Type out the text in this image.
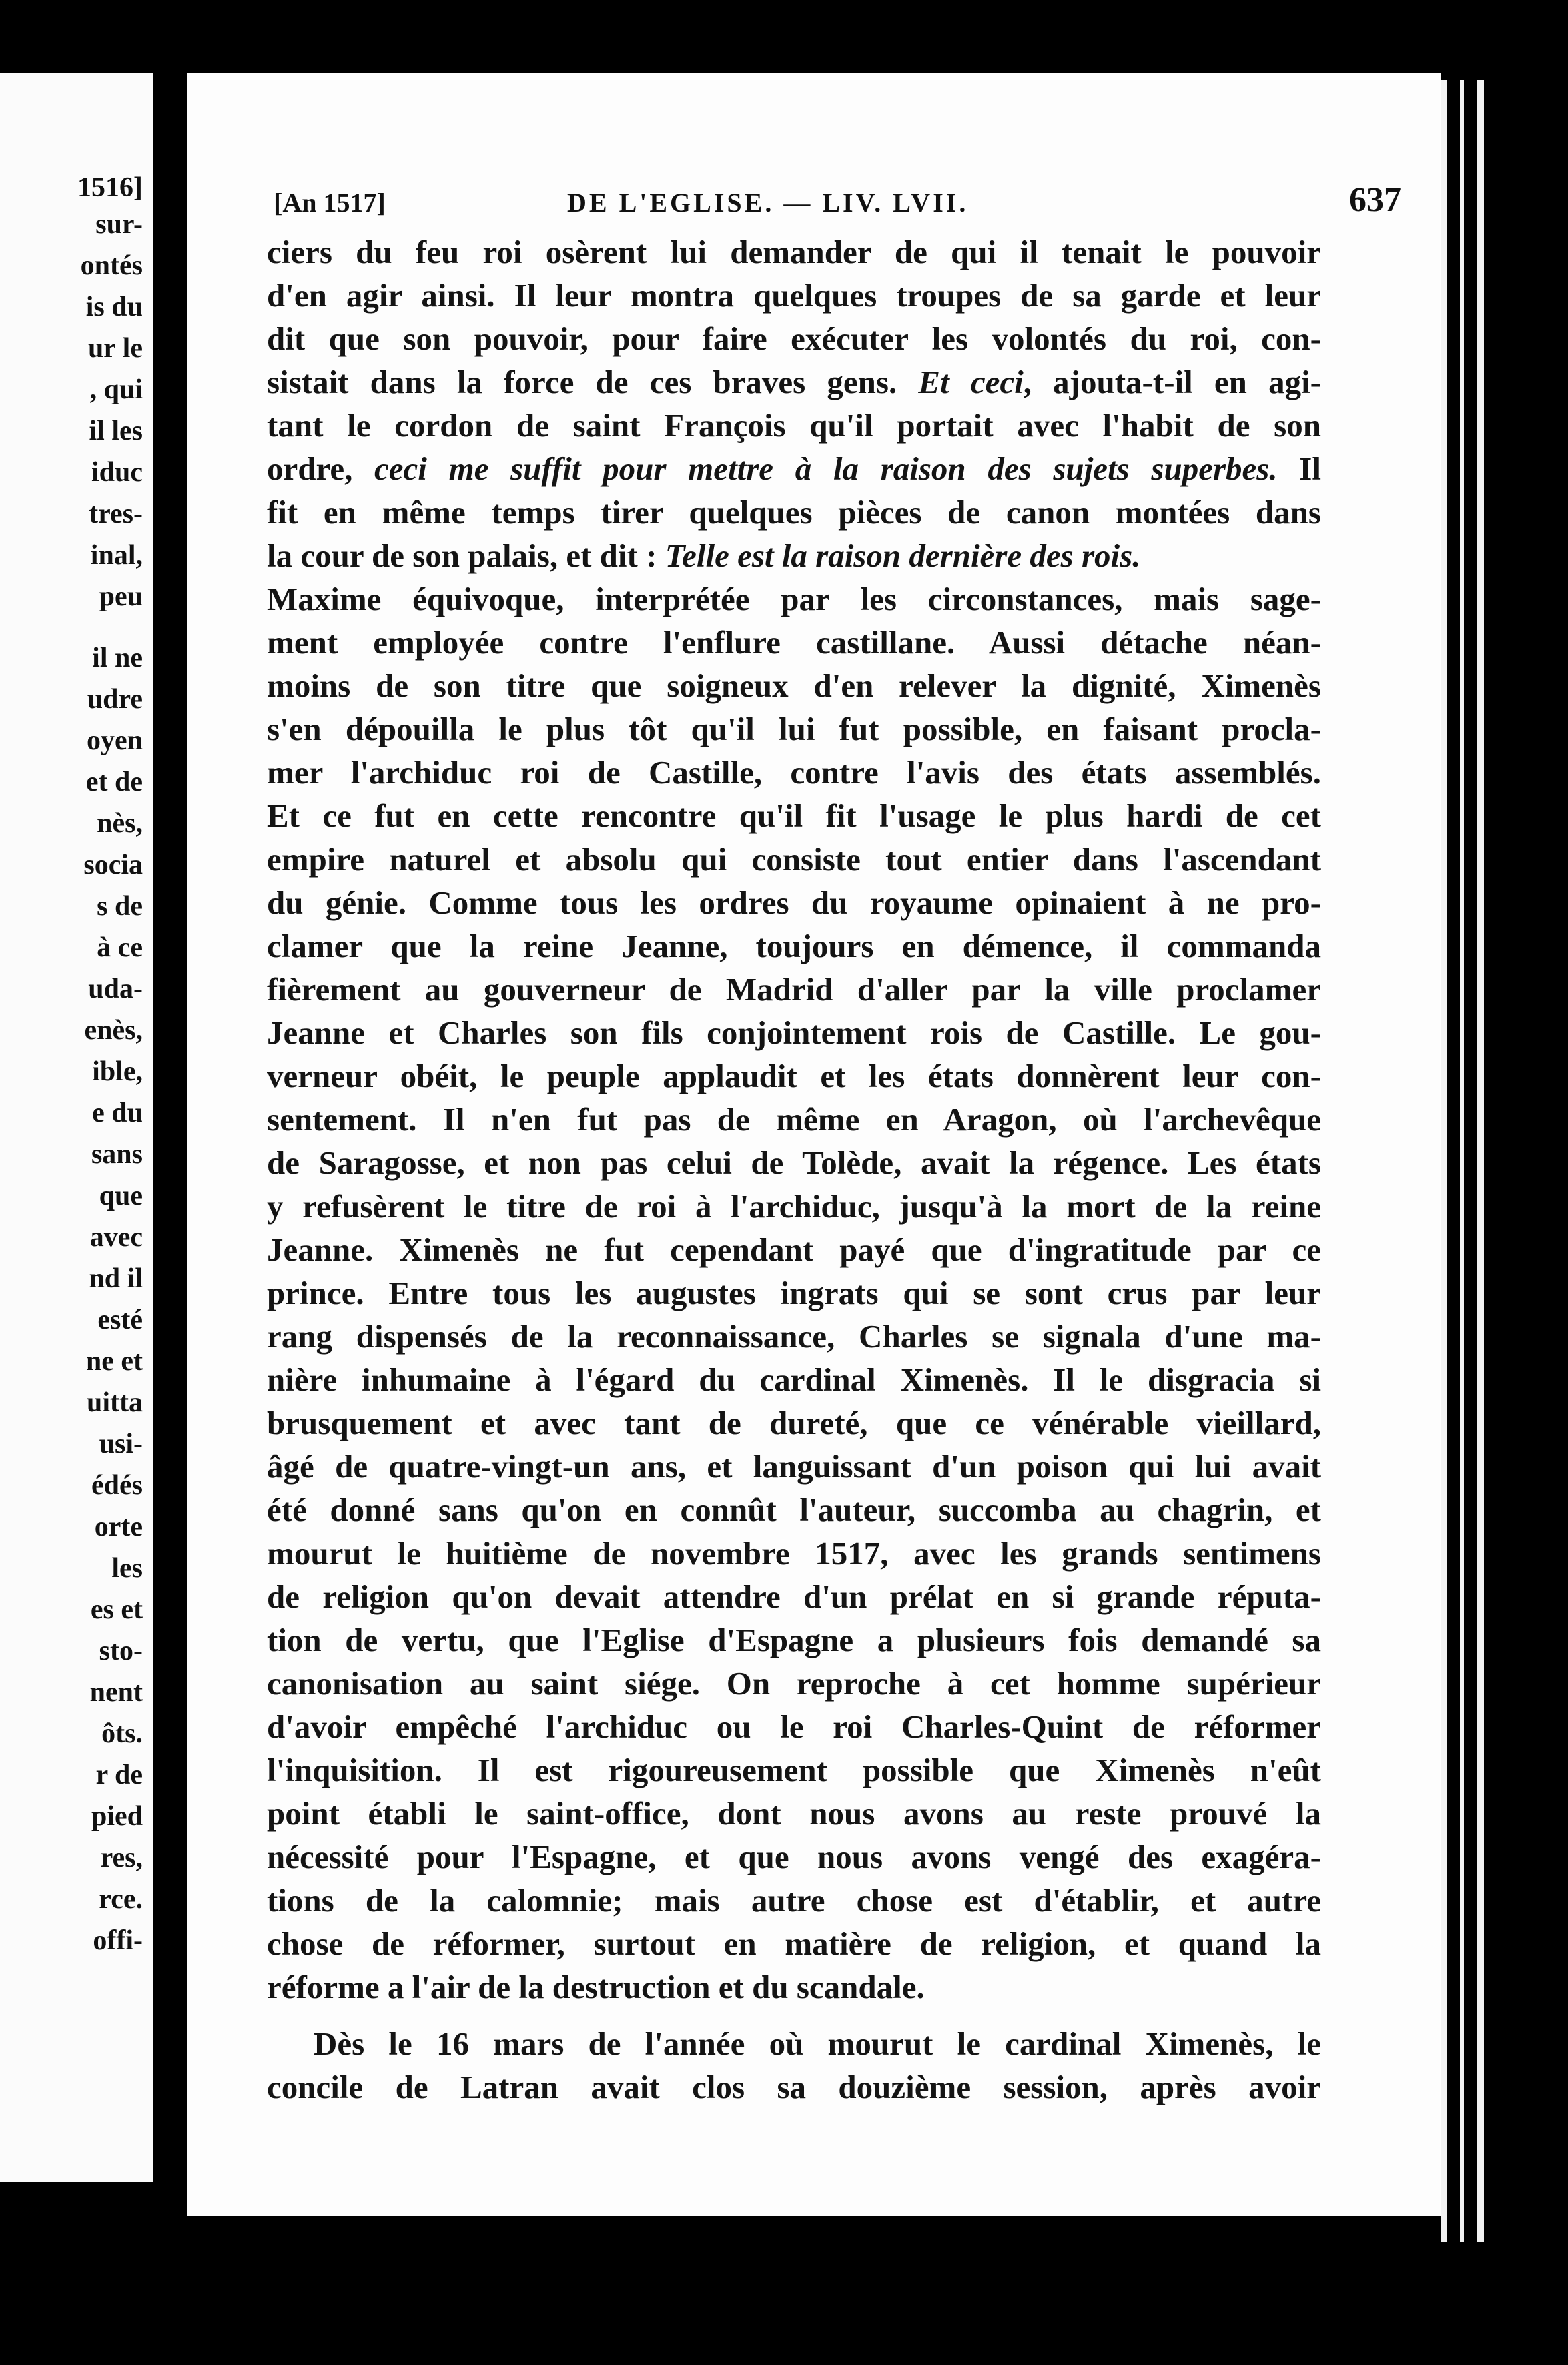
1516]
sur-
ontés
is du
ur le
, qui
il les
iduc
tres-
inal,
peu
il ne
udre
oyen
et de
nès,
socia
s de
à ce
uda-
enès,
ible,
e du
sans
que
avec
nd il
esté
ne et
uitta
usi-
édés
orte
les
es et
sto-
nent
ôts.
r de
pied
res,
rce.
offi-
[An 1517]	DE L'EGLISE. — LIV. LVII.	637
ciers du feu roi osèrent lui demander de qui il tenait le pouvoir
d'en agir ainsi. Il leur montra quelques troupes de sa garde et leur
dit que son pouvoir, pour faire exécuter les volontés du roi, con-
sistait dans la force de ces braves gens. Et ceci, ajouta-t-il en agi-
tant le cordon de saint François qu'il portait avec l'habit de son
ordre, ceci me suffit pour mettre à la raison des sujets superbes. Il
fit en même temps tirer quelques pièces de canon montées dans
la cour de son palais, et dit : Telle est la raison dernière des rois.
Maxime équivoque, interprétée par les circonstances, mais sage-
ment employée contre l'enflure castillane. Aussi détache néan-
moins de son titre que soigneux d'en relever la dignité, Ximenès
s'en dépouilla le plus tôt qu'il lui fut possible, en faisant procla-
mer l'archiduc roi de Castille, contre l'avis des états assemblés.
Et ce fut en cette rencontre qu'il fit l'usage le plus hardi de cet
empire naturel et absolu qui consiste tout entier dans l'ascendant
du génie. Comme tous les ordres du royaume opinaient à ne pro-
clamer que la reine Jeanne, toujours en démence, il commanda
fièrement au gouverneur de Madrid d'aller par la ville proclamer
Jeanne et Charles son fils conjointement rois de Castille. Le gou-
verneur obéit, le peuple applaudit et les états donnèrent leur con-
sentement. Il n'en fut pas de même en Aragon, où l'archevêque
de Saragosse, et non pas celui de Tolède, avait la régence. Les états
y refusèrent le titre de roi à l'archiduc, jusqu'à la mort de la reine
Jeanne. Ximenès ne fut cependant payé que d'ingratitude par ce
prince. Entre tous les augustes ingrats qui se sont crus par leur
rang dispensés de la reconnaissance, Charles se signala d'une ma-
nière inhumaine à l'égard du cardinal Ximenès. Il le disgracia si
brusquement et avec tant de dureté, que ce vénérable vieillard,
âgé de quatre-vingt-un ans, et languissant d'un poison qui lui avait
été donné sans qu'on en connût l'auteur, succomba au chagrin, et
mourut le huitième de novembre 1517, avec les grands sentimens
de religion qu'on devait attendre d'un prélat en si grande réputa-
tion de vertu, que l'Eglise d'Espagne a plusieurs fois demandé sa
canonisation au saint siége. On reproche à cet homme supérieur
d'avoir empêché l'archiduc ou le roi Charles-Quint de réformer
l'inquisition. Il est rigoureusement possible que Ximenès n'eût
point établi le saint-office, dont nous avons au reste prouvé la
nécessité pour l'Espagne, et que nous avons vengé des exagéra-
tions de la calomnie; mais autre chose est d'établir, et autre
chose de réformer, surtout en matière de religion, et quand la
réforme a l'air de la destruction et du scandale.
Dès le 16 mars de l'année où mourut le cardinal Ximenès, le
concile de Latran avait clos sa douzième session, après avoir
